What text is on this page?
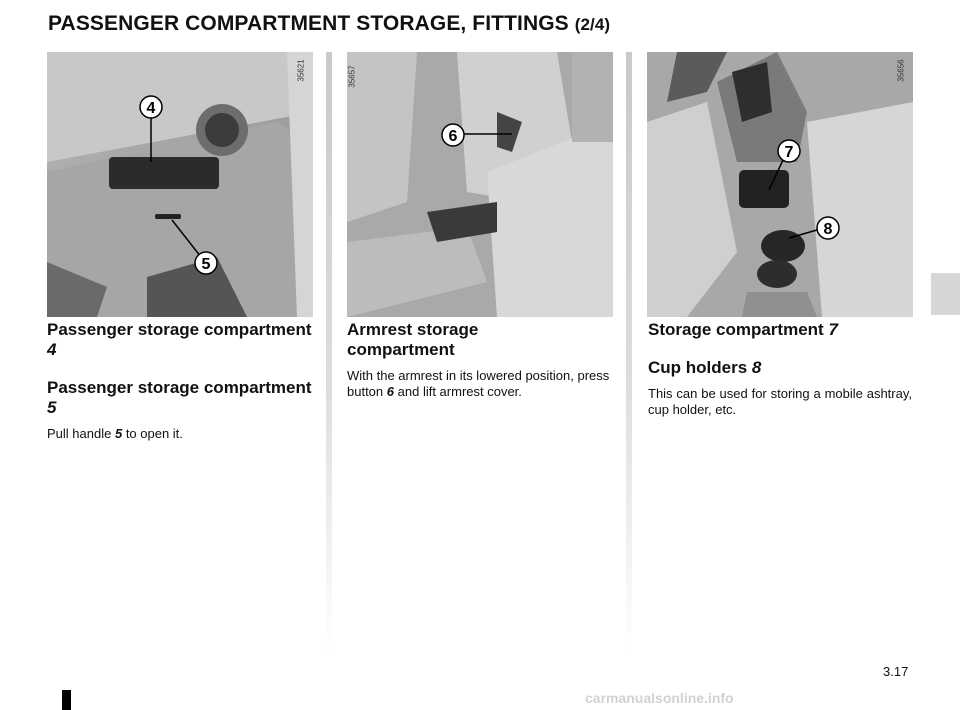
PASSENGER COMPARTMENT STORAGE, FITTINGS (2/4)
4
5
35621
6
35657
7
8
35656
Passenger storage compartment 4
Passenger storage compartment 5

Pull handle 5 to open it.

Armrest storage compartment

With the armrest in its lowered position, press button 6 and lift armrest cover.

Storage compartment 7
Cup holders 8

This can be used for storing a mobile ashtray, cup holder, etc.

3.17
carmanualsonline.info
